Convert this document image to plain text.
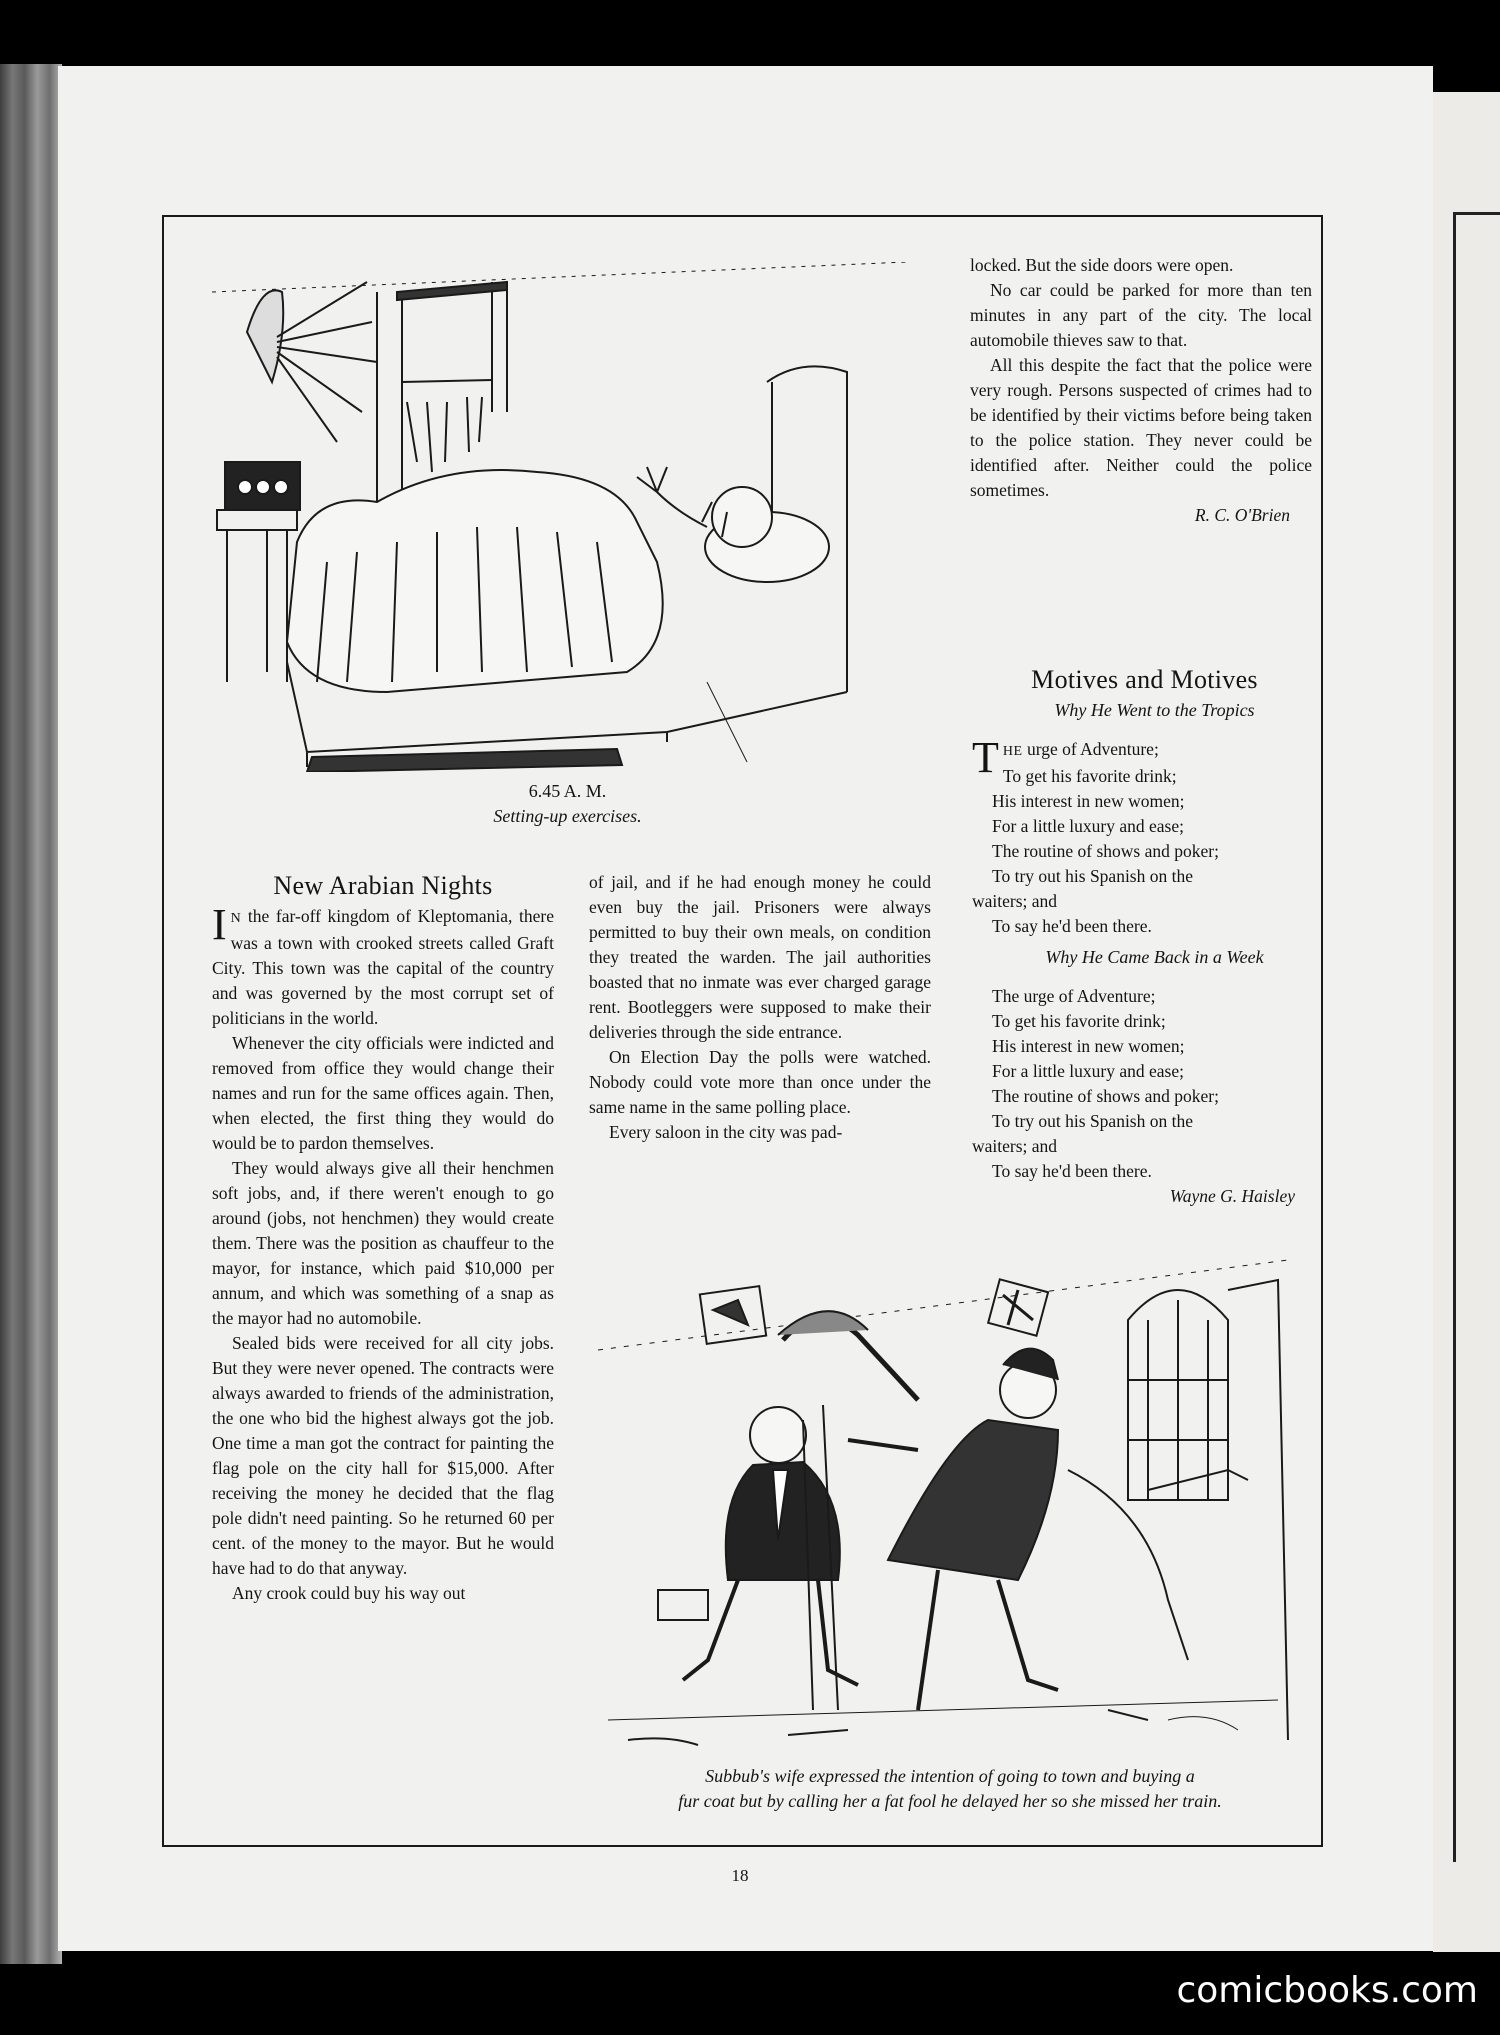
6.45 A. M.
Setting-up exercises.
New Arabian Nights

I N the far-off kingdom of Kleptomania, there was a town with crooked streets called Graft City. This town was the capital of the country and was governed by the most corrupt set of politicians in the world.

Whenever the city officials were indicted and removed from office they would change their names and run for the same offices again. Then, when elected, the first thing they would do would be to pardon themselves.

They would always give all their henchmen soft jobs, and, if there weren't enough to go around (jobs, not henchmen) they would create them. There was the position as chauffeur to the mayor, for instance, which paid $10,000 per annum, and which was something of a snap as the mayor had no automobile.

Sealed bids were received for all city jobs. But they were never opened. The contracts were always awarded to friends of the administration, the one who bid the highest always got the job. One time a man got the contract for painting the flag pole on the city hall for $15,000. After receiving the money he decided that the flag pole didn't need painting. So he returned 60 per cent. of the money to the mayor. But he would have had to do that anyway.

Any crook could buy his way out

of jail, and if he had enough money he could even buy the jail. Prisoners were always permitted to buy their own meals, on condition they treated the warden. The jail authorities boasted that no inmate was ever charged garage rent. Bootleggers were supposed to make their deliveries through the side entrance.

On Election Day the polls were watched. Nobody could vote more than once under the same name in the same polling place.

Every saloon in the city was pad-

locked. But the side doors were open.

No car could be parked for more than ten minutes in any part of the city. The local automobile thieves saw to that.

All this despite the fact that the police were very rough. Persons suspected of crimes had to be identified by their victims before being taken to the police station. They never could be identified after. Neither could the police sometimes.

R. C. O'Brien
Motives and Motives
Why He Went to the Tropics
THE urge of Adventure;
To get his favorite drink;
His interest in new women;
For a little luxury and ease;
The routine of shows and poker;
To try out his Spanish on the
waiters; and
To say he'd been there.
Why He Came Back in a Week
The urge of Adventure;
To get his favorite drink;
His interest in new women;
For a little luxury and ease;
The routine of shows and poker;
To try out his Spanish on the
waiters; and
To say he'd been there.
Wayne G. Haisley
Subbub's wife expressed the intention of going to town and buying a
fur coat but by calling her a fat fool he delayed her so she missed her train.
18
comicbooks.com
